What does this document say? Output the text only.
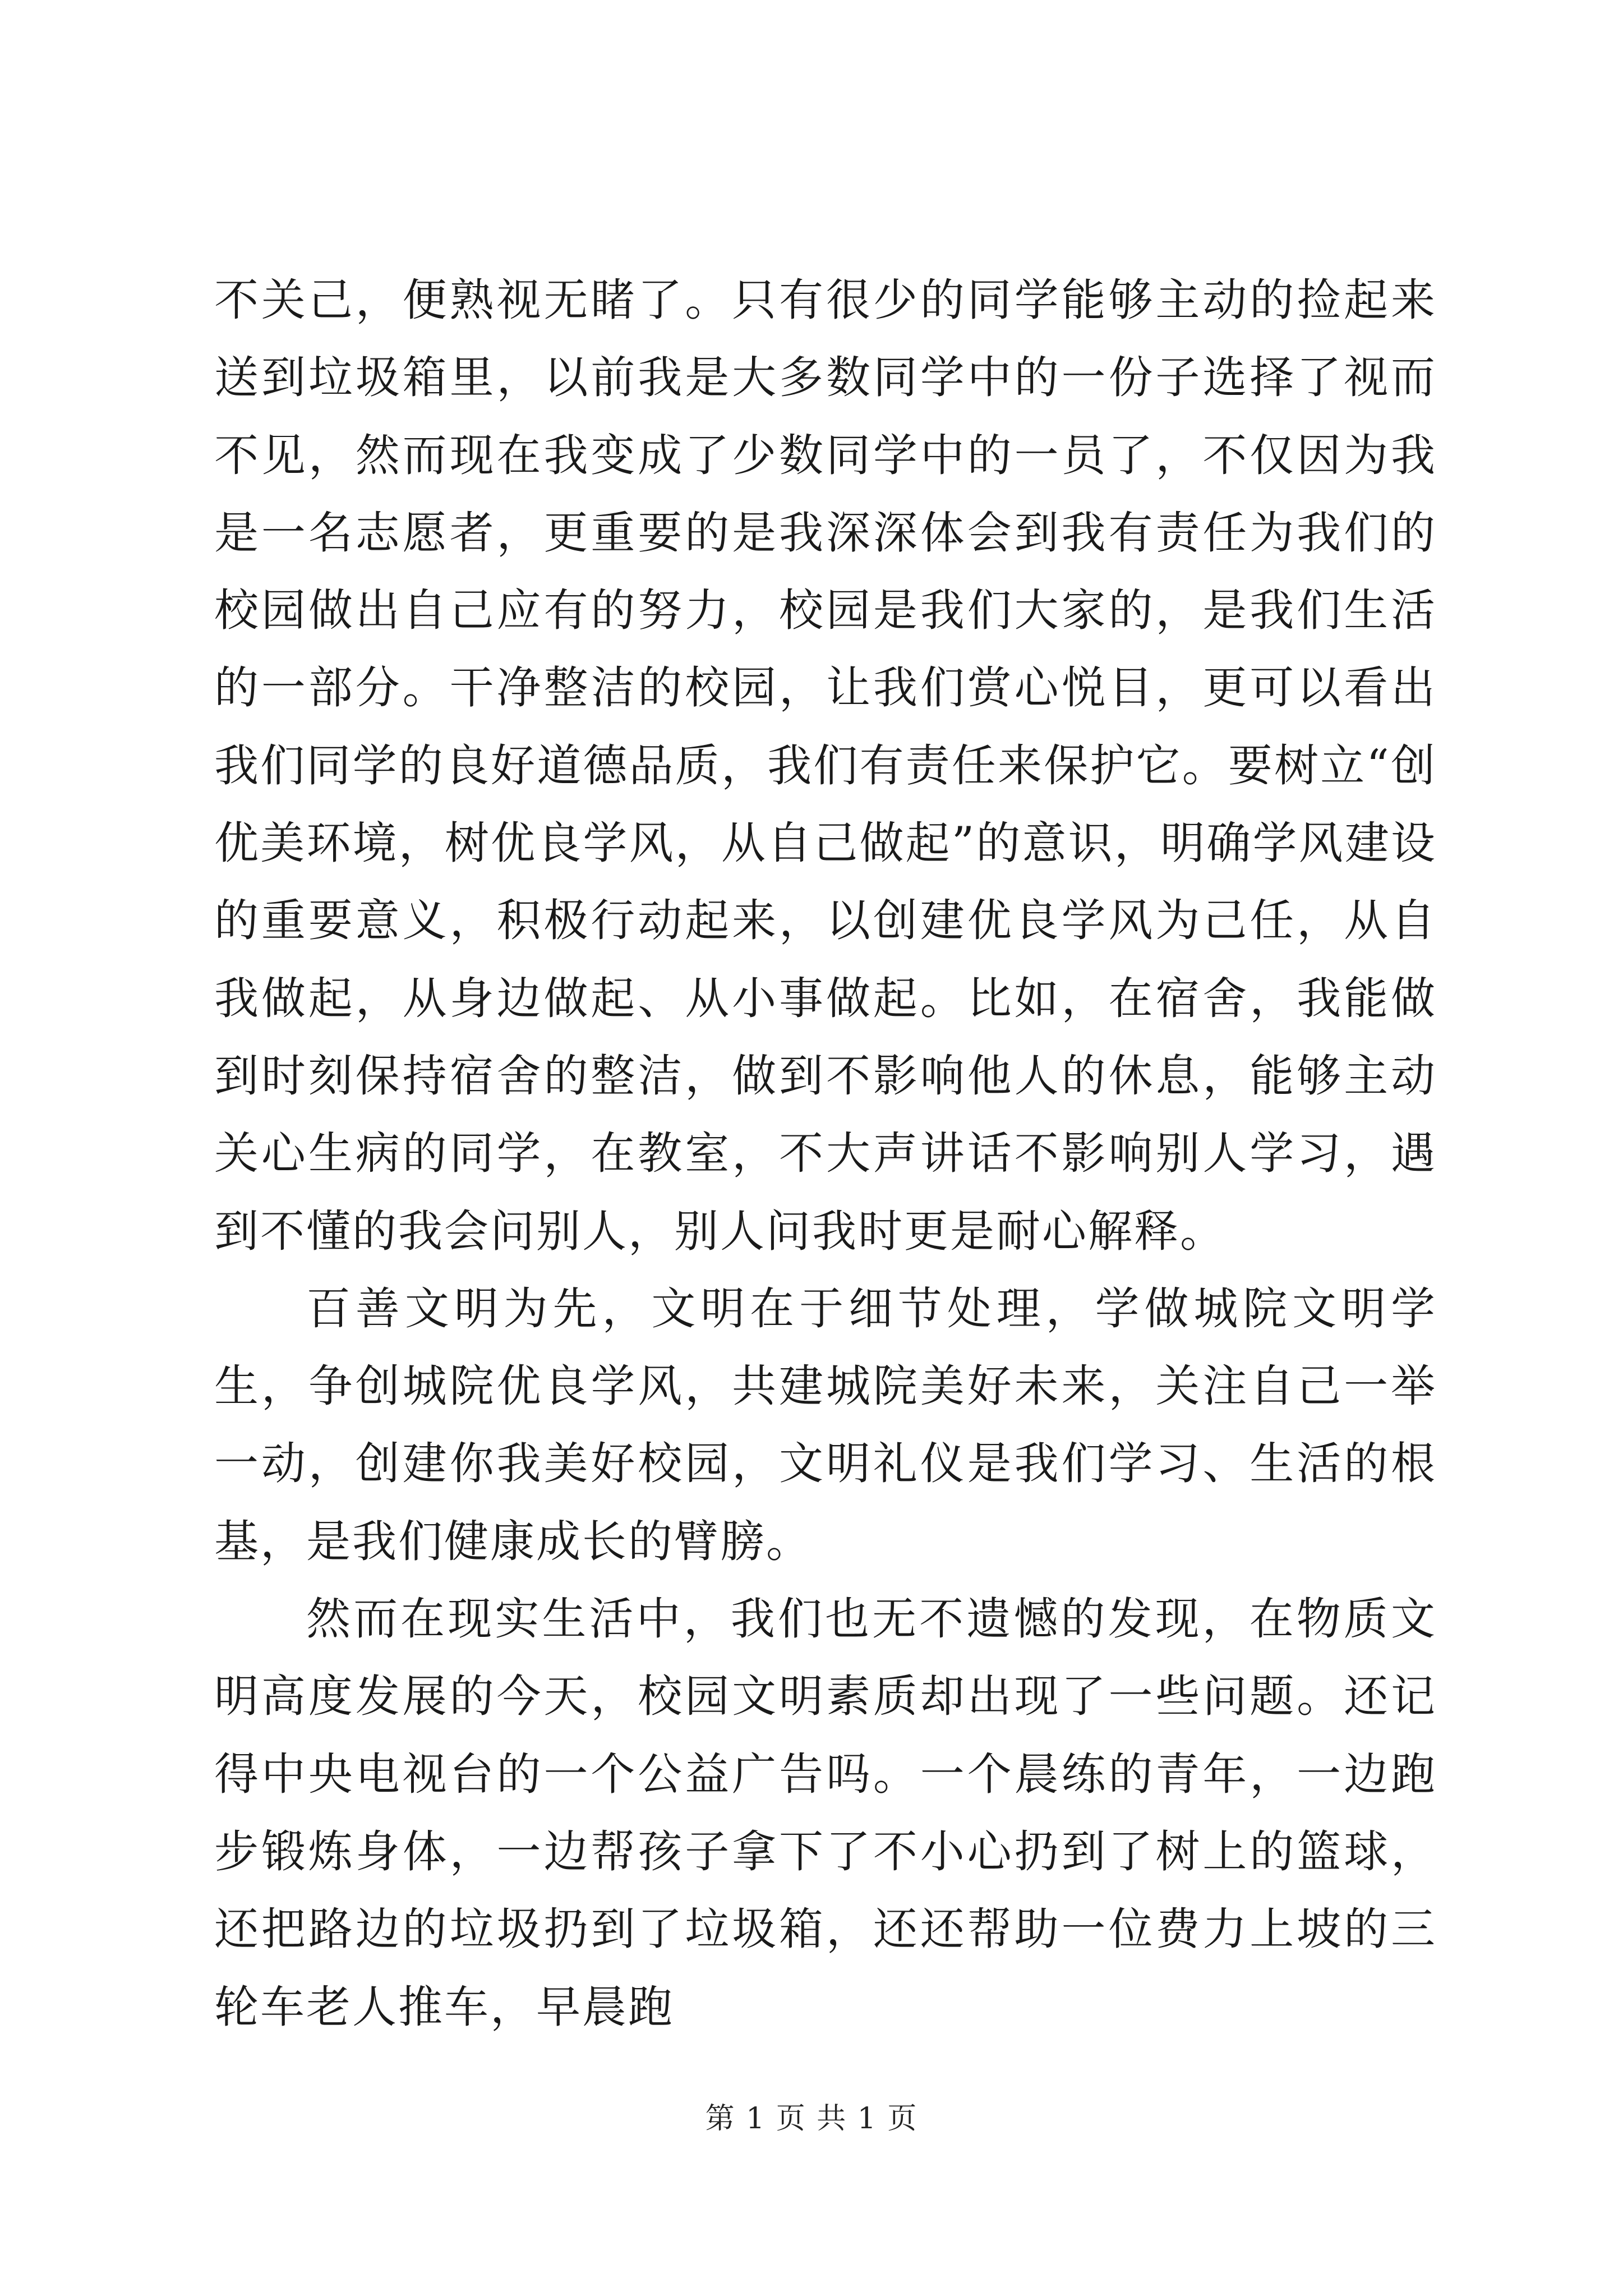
不关己，便熟视无睹了。只有很少的同学能够主动的捡起来送到垃圾箱里，以前我是大多数同学中的一份子选择了视而不见，然而现在我变成了少数同学中的一员了，不仅因为我是一名志愿者，更重要的是我深深体会到我有责任为我们的校园做出自己应有的努力，校园是我们大家的，是我们生活的一部分。干净整洁的校园，让我们赏心悦目，更可以看出我们同学的良好道德品质，我们有责任来保护它。要树立“创优美环境，树优良学风，从自己做起”的意识，明确学风建设的重要意义，积极行动起来，以创建优良学风为己任，从自我做起，从身边做起、从小事做起。比如，在宿舍，我能做到时刻保持宿舍的整洁，做到不影响他人的休息，能够主动关心生病的同学，在教室，不大声讲话不影响别人学习，遇到不懂的我会问别人，别人问我时更是耐心解释。

百善文明为先，文明在于细节处理，学做城院文明学生，争创城院优良学风，共建城院美好未来，关注自己一举一动，创建你我美好校园，文明礼仪是我们学习、生活的根基，是我们健康成长的臂膀。

然而在现实生活中，我们也无不遗憾的发现，在物质文明高度发展的今天，校园文明素质却出现了一些问题。还记得中央电视台的一个公益广告吗。一个晨练的青年，一边跑步锻炼身体，一边帮孩子拿下了不小心扔到了树上的篮球，还把路边的垃圾扔到了垃圾箱，还还帮助一位费力上坡的三轮车老人推车，早晨跑

第 1 页 共 1 页
